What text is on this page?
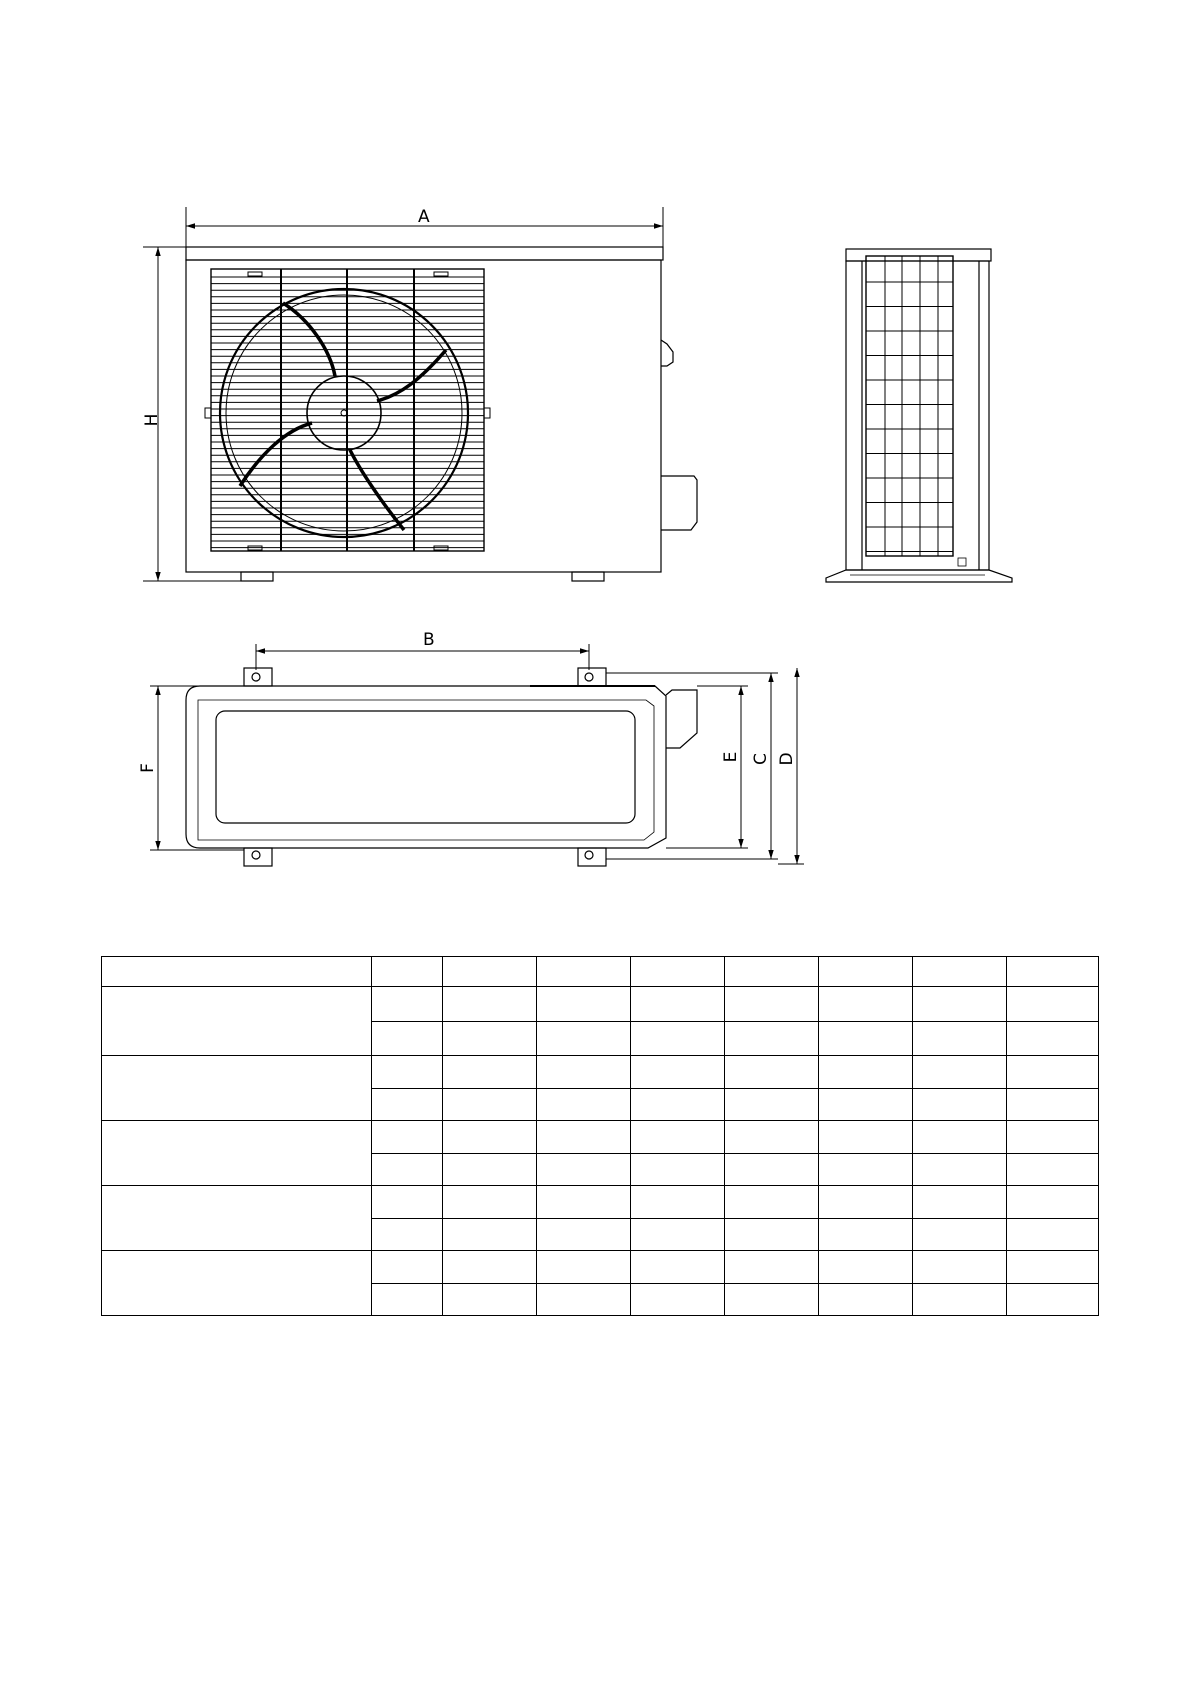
A
H
B
F
E C D
